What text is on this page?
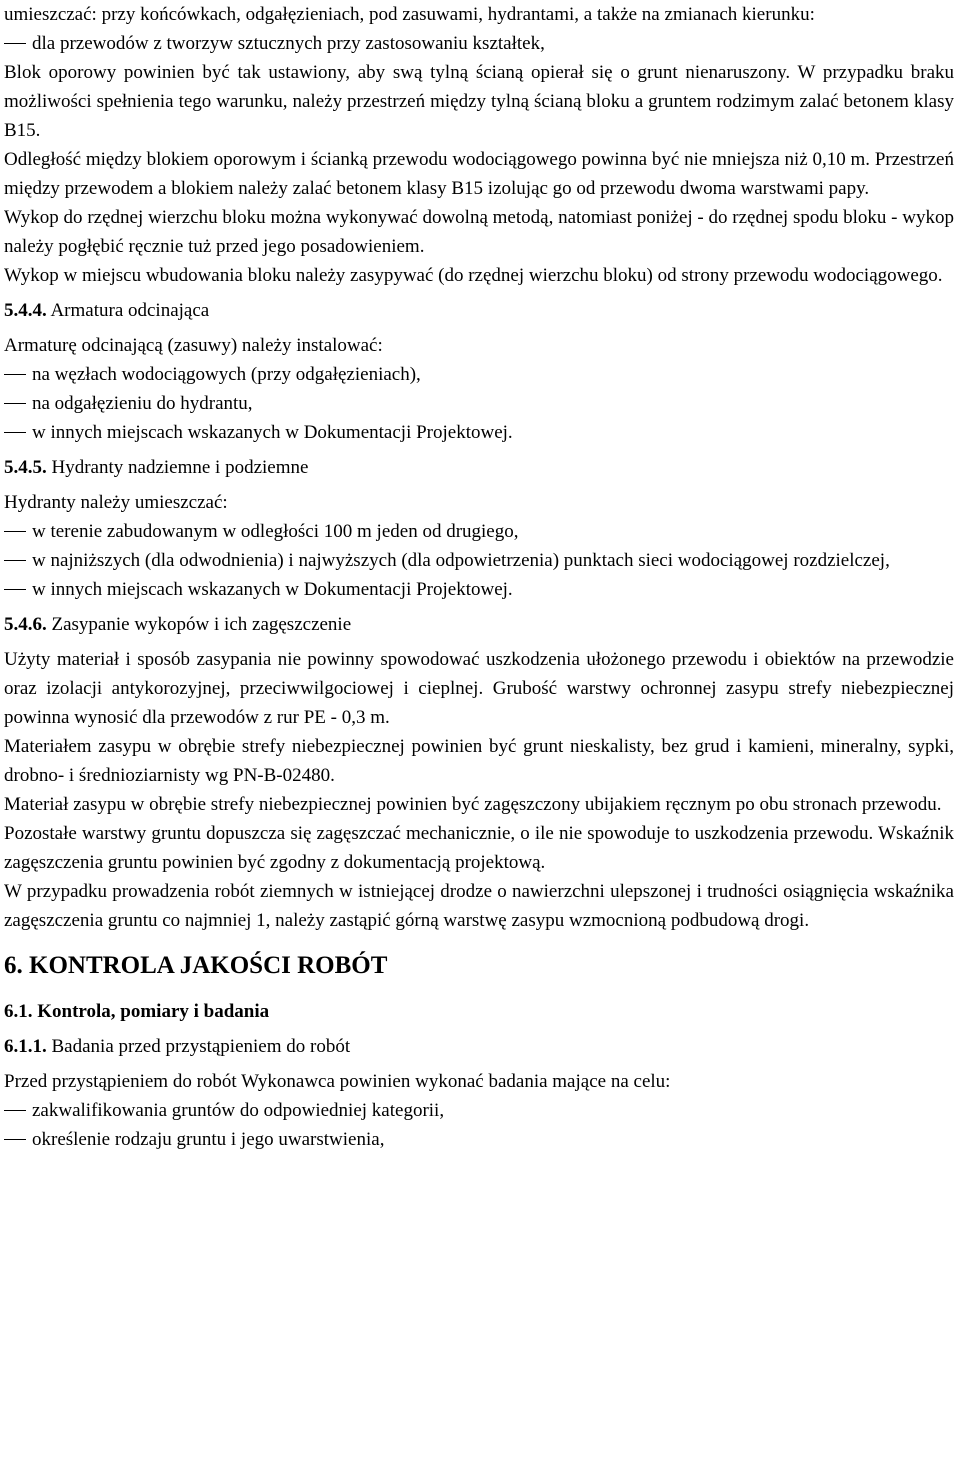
umieszczać: przy końcówkach, odgałęzieniach, pod zasuwami, hydrantami, a także na zmianach kierunku:

dla przewodów z tworzyw sztucznych przy zastosowaniu kształtek,

Blok oporowy powinien być tak ustawiony, aby swą tylną ścianą opierał się o grunt nienaruszony. W przypadku braku możliwości spełnienia tego warunku, należy przestrzeń między tylną ścianą bloku a gruntem rodzimym zalać betonem klasy B15.

Odległość między blokiem oporowym i ścianką przewodu wodociągowego powinna być nie mniejsza niż 0,10 m. Przestrzeń między przewodem a blokiem należy zalać betonem klasy B15 izolując go od przewodu dwoma warstwami papy.

Wykop do rzędnej wierzchu bloku można wykonywać dowolną metodą, natomiast poniżej - do rzędnej spodu bloku - wykop należy pogłębić ręcznie tuż przed jego posadowieniem.

Wykop w miejscu wbudowania bloku należy zasypywać (do rzędnej wierzchu bloku) od strony przewodu wodociągowego.

5.4.4. Armatura odcinająca

Armaturę odcinającą (zasuwy) należy instalować:

na węzłach wodociągowych (przy odgałęzieniach),
na odgałęzieniu do hydrantu,
w innych miejscach wskazanych w Dokumentacji Projektowej.

5.4.5. Hydranty nadziemne i podziemne

Hydranty należy umieszczać:

w terenie zabudowanym w odległości 100 m jeden od drugiego,
w najniższych (dla odwodnienia) i najwyższych (dla odpowietrzenia) punktach sieci wodociągowej rozdzielczej,
w innych miejscach wskazanych w Dokumentacji Projektowej.

5.4.6. Zasypanie wykopów i ich zagęszczenie

Użyty materiał i sposób zasypania nie powinny spowodować uszkodzenia ułożonego przewodu i obiektów na przewodzie oraz izolacji antykorozyjnej, przeciwwilgociowej i cieplnej. Grubość warstwy ochronnej zasypu strefy niebezpiecznej powinna wynosić dla przewodów z rur PE - 0,3 m.

Materiałem zasypu w obrębie strefy niebezpiecznej powinien być grunt nieskalisty, bez grud i kamieni, mineralny, sypki, drobno- i średnioziarnisty wg PN-B-02480.

Materiał zasypu w obrębie strefy niebezpiecznej powinien być zagęszczony ubijakiem ręcznym po obu stronach przewodu.

Pozostałe warstwy gruntu dopuszcza się zagęszczać mechanicznie, o ile nie spowoduje to uszkodzenia przewodu. Wskaźnik zagęszczenia gruntu powinien być zgodny z dokumentacją projektową.

W przypadku prowadzenia robót ziemnych w istniejącej drodze o nawierzchni ulepszonej i trudności osiągnięcia wskaźnika zagęszczenia gruntu co najmniej 1, należy zastąpić górną warstwę zasypu wzmocnioną podbudową drogi.

6. KONTROLA JAKOŚCI ROBÓT
6.1. Kontrola, pomiary i badania

6.1.1. Badania przed przystąpieniem do robót

Przed przystąpieniem do robót Wykonawca powinien wykonać badania mające na celu:

zakwalifikowania gruntów do odpowiedniej kategorii,
określenie rodzaju gruntu i jego uwarstwienia,
